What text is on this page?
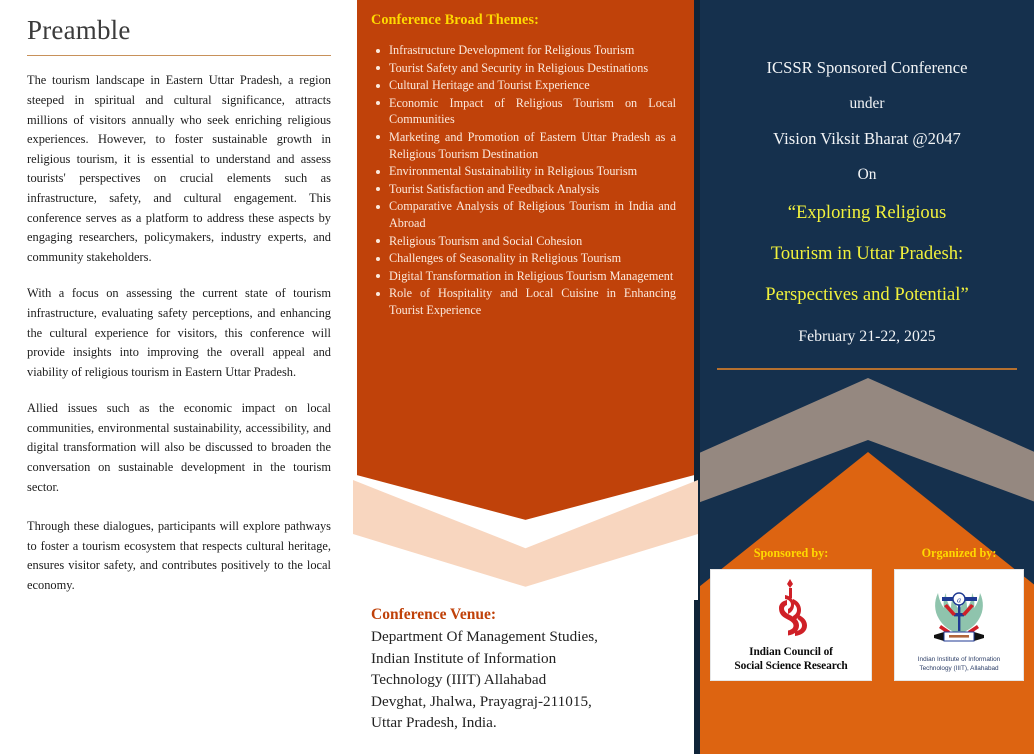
Preamble

The tourism landscape in Eastern Uttar Pradesh, a region steeped in spiritual and cultural significance, attracts millions of visitors annually who seek enriching religious experiences. However, to foster sustainable growth in religious tourism, it is essential to understand and assess tourists' perspectives on crucial elements such as infrastructure, safety, and cultural engagement. This conference serves as a platform to address these aspects by engaging researchers, policymakers, industry experts, and community stakeholders.

With a focus on assessing the current state of tourism infrastructure, evaluating safety perceptions, and enhancing the cultural experience for visitors, this conference will provide insights into improving the overall appeal and viability of religious tourism in Eastern Uttar Pradesh.

Allied issues such as the economic impact on local communities, environmental sustainability, accessibility, and digital transformation will also be discussed to broaden the conversation on sustainable development in the tourism sector.

Through these dialogues, participants will explore pathways to foster a tourism ecosystem that respects cultural heritage, ensures visitor safety, and contributes positively to the local economy.

Conference Broad Themes:
Infrastructure Development for Religious Tourism
Tourist Safety and Security in Religious Destinations
Cultural Heritage and Tourist Experience
Economic Impact of Religious Tourism on Local Communities
Marketing and Promotion of Eastern Uttar Pradesh as a Religious Tourism Destination
Environmental Sustainability in Religious Tourism
Tourist Satisfaction and Feedback Analysis
Comparative Analysis of Religious Tourism in India and Abroad
Religious Tourism and Social Cohesion
Challenges of Seasonality in Religious Tourism
Digital Transformation in Religious Tourism Management
Role of Hospitality and Local Cuisine in Enhancing Tourist Experience
Conference Venue:
Department Of Management Studies,
Indian Institute of Information
Technology (IIIT) Allahabad
Devghat, Jhalwa, Prayagraj-211015,
Uttar Pradesh, India.
ICSSR Sponsored Conference
under
Vision Viksit Bharat @2047
On
“Exploring Religious
Tourism in Uttar Pradesh:
Perspectives and Potential”
February 21-22, 2025
Sponsored by:
Indian Council of
Social Science Research
Organized by:
a
Indian Institute of Information
Technology (IIIT), Allahabad
